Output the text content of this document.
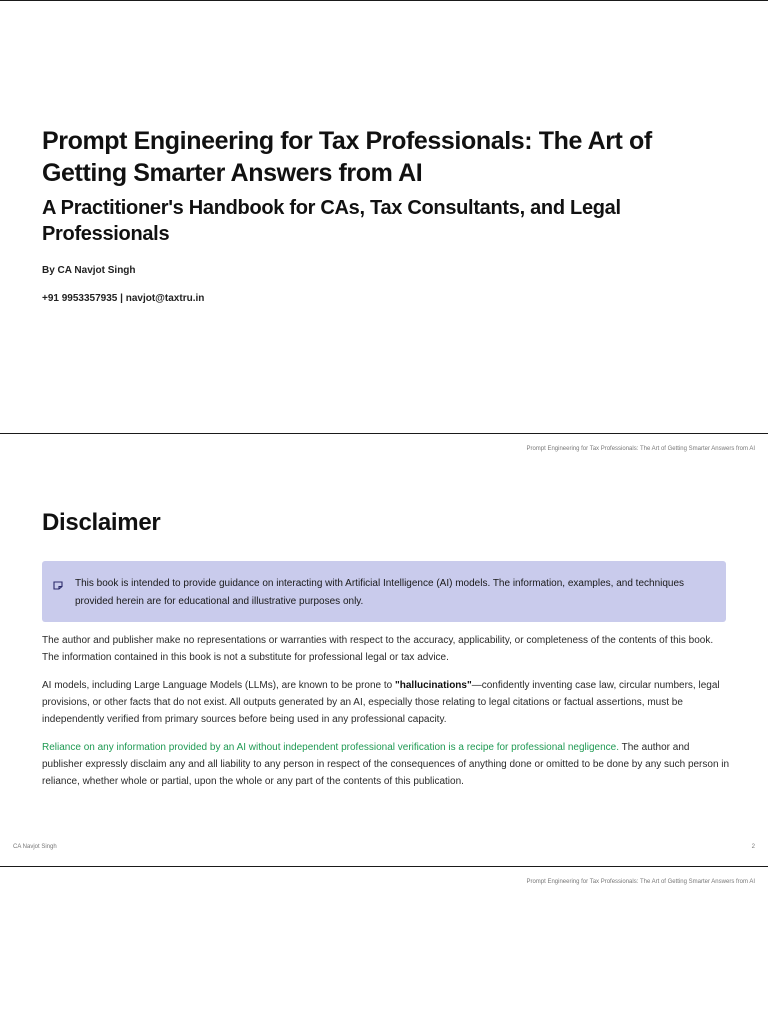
Prompt Engineering for Tax Professionals: The Art of Getting Smarter Answers from AI
A Practitioner's Handbook for CAs, Tax Consultants, and Legal Professionals
By CA Navjot Singh
+91 9953357935 | navjot@taxtru.in
Prompt Engineering for Tax Professionals: The Art of Getting Smarter Answers from AI
Disclaimer
This book is intended to provide guidance on interacting with Artificial Intelligence (AI) models. The information, examples, and techniques provided herein are for educational and illustrative purposes only.
The author and publisher make no representations or warranties with respect to the accuracy, applicability, or completeness of the contents of this book. The information contained in this book is not a substitute for professional legal or tax advice.
AI models, including Large Language Models (LLMs), are known to be prone to "hallucinations"—confidently inventing case law, circular numbers, legal provisions, or other facts that do not exist. All outputs generated by an AI, especially those relating to legal citations or factual assertions, must be independently verified from primary sources before being used in any professional capacity.
Reliance on any information provided by an AI without independent professional verification is a recipe for professional negligence. The author and publisher expressly disclaim any and all liability to any person in respect of the consequences of anything done or omitted to be done by any such person in reliance, whether whole or partial, upon the whole or any part of the contents of this publication.
CA Navjot Singh	2
Prompt Engineering for Tax Professionals: The Art of Getting Smarter Answers from AI
